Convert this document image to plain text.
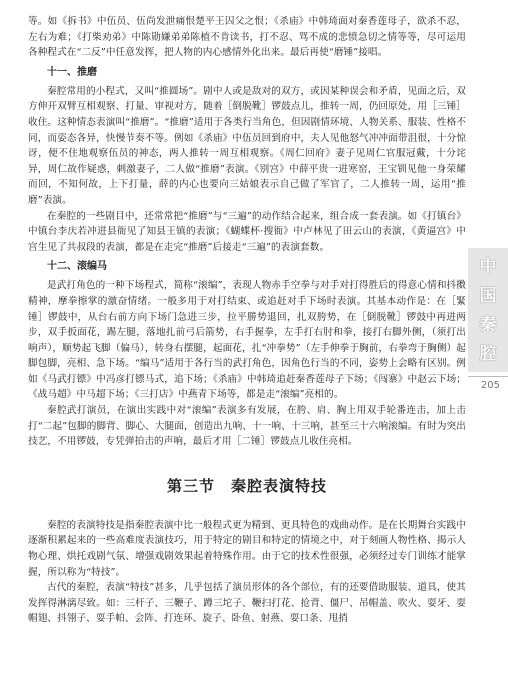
等。如《拆书》中伍员、伍尚发泄痛恨楚平王囚父之恨；《杀庙》中韩琦面对秦香莲母子，欲杀不忍，左右为难；《打柴劝弟》中陈勋嫌弟弟陈植不肯读书，打不忍、骂不成的悲愤急切之情等等，尽可运用各种程式在“二反”中任意发挥，把人物的内心感情外化出来。最后再使“磨锤”接唱。

十一、推磨

秦腔常用的小程式，又叫“推圆场”。剧中人或是敌对的双方，或因某种误会和矛盾，见面之后，双方伸开双臂互相观察、打量、审视对方，随着［倒脱靴］锣鼓点儿，推转一周，仍回原处，用［三锤］收住。这种情态表演叫“推磨”。“推磨”适用于各类行当角色，但因剧情环境、人物关系、服装、性格不同，而姿态各异，快慢节奏不等。例如《杀庙》中伍员回到府中，夫人见他怒气冲冲面带沮很，十分惊讶，便不住地观察伍员的神态，两人推转一周互相观察。《周仁回府》妻子见周仁官服冠戴，十分诧异，周仁故作疑惑，刺激妻子，二人做“推磨”表演。《别宫》中薛平贵一进寒窑，王宝钏见他一身荣耀而回，不知何故，上下打量，薛的内心也要向三姑娘表示自己做了军官了，二人推转一周，运用“推磨”表演。

在秦腔的一些剧目中，还常常把“推磨”与“三遍”的动作结合起来，组合成一套表演。如《打镇台》中镇台李庆若冲进县衙见了知县王镇的表演；《蝴蝶杯·搜衙》中卢林见了田云山的表演，《黄逼宫》中宫生见了共叔段的表演，都是在走完“推磨”后接走“三遍”的表演套数。

十二、滚编马

是武打角色的一种下场程式，简称“滚编”，表现人物赤手空拳与对手对打得胜后的得意心情和抖擞精神，摩拳擦掌的激奋情绪。一般多用于对打结束、或追赶对手下场时表演。其基本动作是：在［緊锤］锣鼓中，从台右前方向下场门急进三步，拉平勝势退回，扎双胯势，在［倒脱靴］锣鼓中再进两步，双手扳面花，踢左腿，落地扎前弓后箭势，右手握拳，左手打右肘和拳，接打右脚外侧，（须打出响声），顺势起飞脚（偏马），转身右摆腿，起面花，扎“冲拳势”（左手伸拳于胸前，右拳弯于胸侧）起脚包脚，亮相、急下场。“编马”适用于各行当的武打角色，因角色行当的不同，姿势上会略有区别。例如《马武打镖》中冯彦打镖马式，追下场；《杀庙》中韩琦追赶秦香莲母子下场；《闯寨》中赵云下场；《战马超》中马超下场；《三打店》中燕青下场等，都是走“滚编”亮相的。

秦腔武打演员，在演出实践中对“滚编”表演多有发展，在胯、肩、胸上用双手轮番连击，加上击打“二起”包脚的脚背、脚心、大腿面，创造出九响、十一响、十三响，甚至三十六响滚编。有时为突出技艺，不用锣鼓，专凭弹拍击的声响，最后才用［二锤］锣鼓点儿收住亮相。

第三节 秦腔表演特技

秦腔的表演特技是指秦腔表演中比一般程式更为精到、更具特色的戏曲动作。是在长期舞台实践中逐渐积累起来的一些高难度表演技巧，用于特定的剧目和特定的情境之中，对于刻画人物性格、揭示人物心理、烘托戏剧气氛、增强戏剧效果起着特殊作用。由于它的技术性很强，必须经过专门训练才能掌握，所以称为“特技”。

古代的秦腔，表演“特技”甚多，几乎包括了演员形体的各个部位，有的还要借助服装、道具，使其发挥得淋漓尽致。如：三杆子、三鞭子、蹲三坨子、鞭扫打花、抢背、僵尸、吊帽盖、吹火、耍牙、耍帽翅、抖翎子、耍手帕、会阵、打连环、旋子、卧鱼、射燕、耍口条、甩捎

中
国
秦
腔
205
